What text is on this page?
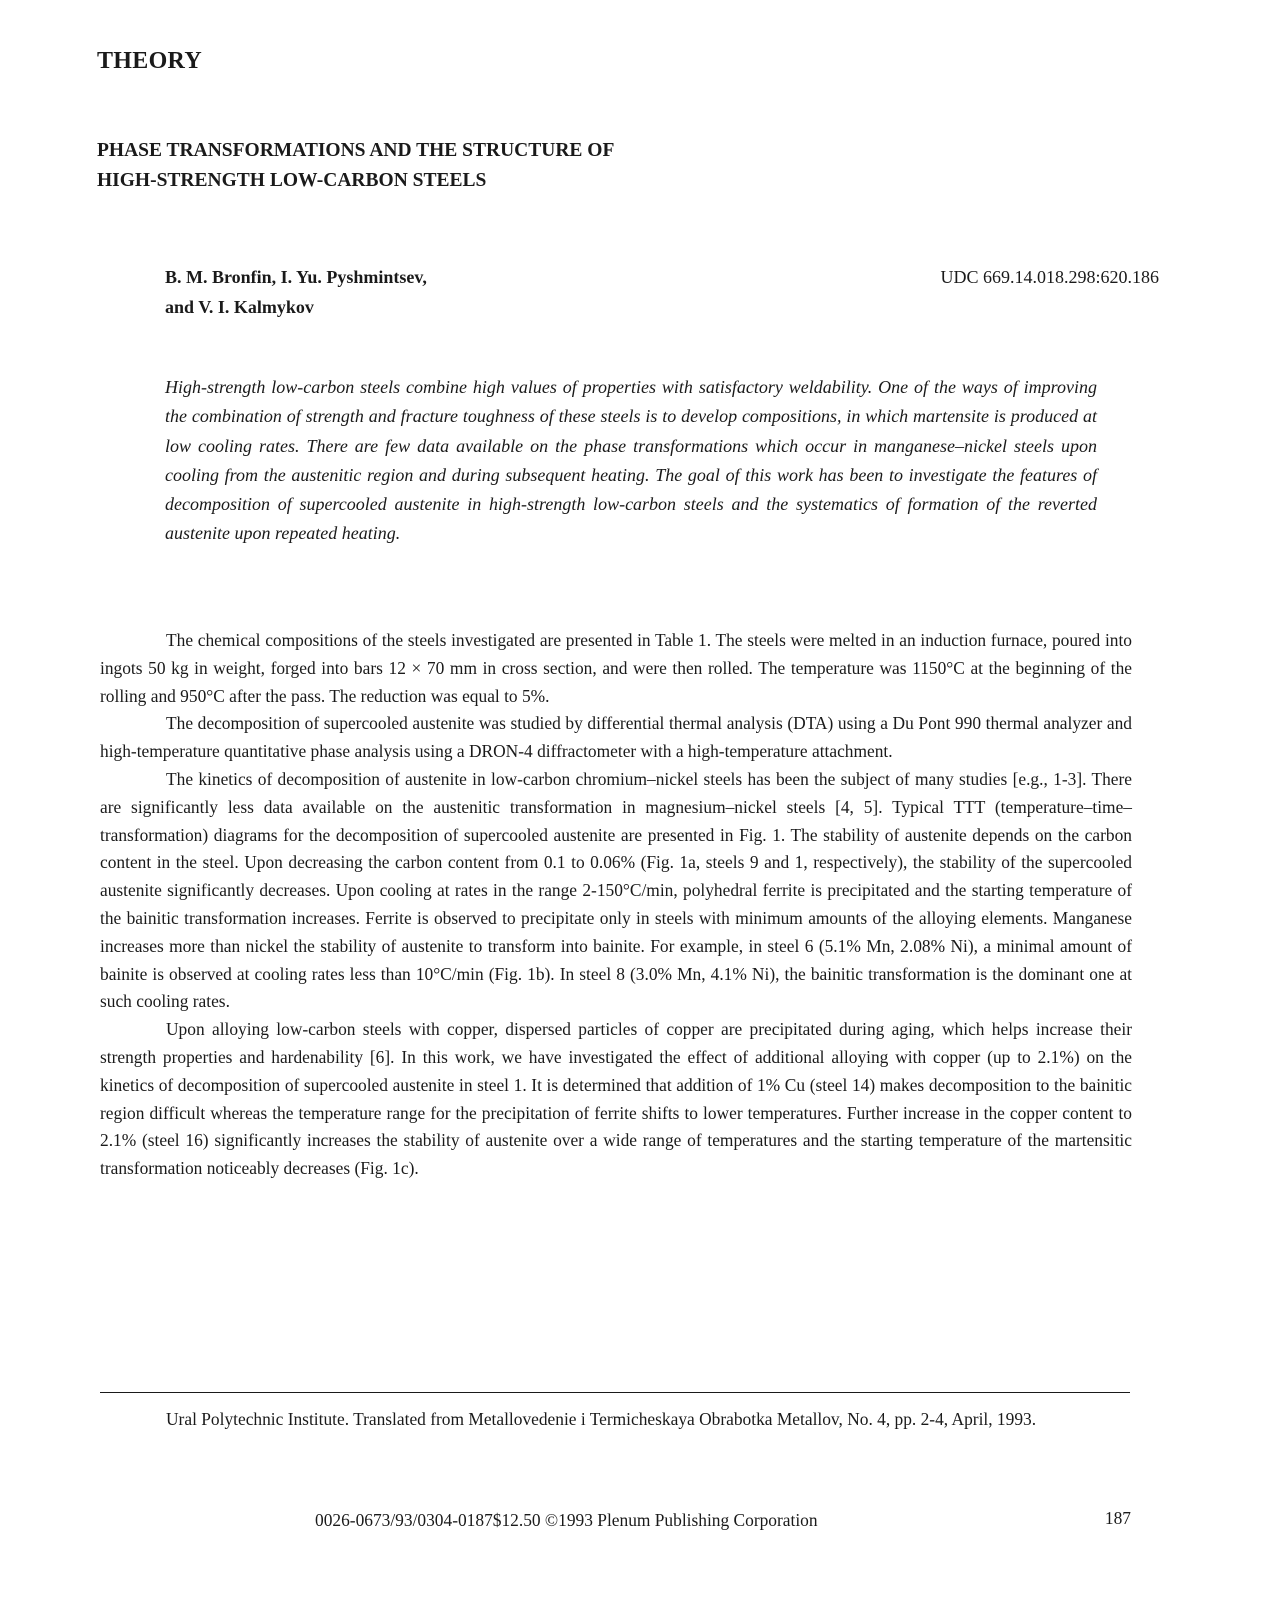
THEORY
PHASE TRANSFORMATIONS AND THE STRUCTURE OF
HIGH-STRENGTH LOW-CARBON STEELS
B. M. Bronfin, I. Yu. Pyshmintsev,
and V. I. Kalmykov
UDC 669.14.018.298:620.186

High-strength low-carbon steels combine high values of properties with satisfactory weldability. One of the ways of improving the combination of strength and fracture toughness of these steels is to develop compositions, in which martensite is produced at low cooling rates. There are few data available on the phase transformations which occur in manganese–nickel steels upon cooling from the austenitic region and during subsequent heating. The goal of this work has been to investigate the features of decomposition of supercooled austenite in high-strength low-carbon steels and the systematics of formation of the reverted austenite upon repeated heating.

The chemical compositions of the steels investigated are presented in Table 1. The steels were melted in an induction furnace, poured into ingots 50 kg in weight, forged into bars 12 × 70 mm in cross section, and were then rolled. The temperature was 1150°C at the beginning of the rolling and 950°C after the pass. The reduction was equal to 5%.

The decomposition of supercooled austenite was studied by differential thermal analysis (DTA) using a Du Pont 990 thermal analyzer and high-temperature quantitative phase analysis using a DRON-4 diffractometer with a high-temperature attachment.

The kinetics of decomposition of austenite in low-carbon chromium–nickel steels has been the subject of many studies [e.g., 1-3]. There are significantly less data available on the austenitic transformation in magnesium–nickel steels [4, 5]. Typical TTT (temperature–time–transformation) diagrams for the decomposition of supercooled austenite are presented in Fig. 1. The stability of austenite depends on the carbon content in the steel. Upon decreasing the carbon content from 0.1 to 0.06% (Fig. 1a, steels 9 and 1, respectively), the stability of the supercooled austenite significantly decreases. Upon cooling at rates in the range 2-150°C/min, polyhedral ferrite is precipitated and the starting temperature of the bainitic transformation increases. Ferrite is observed to precipitate only in steels with minimum amounts of the alloying elements. Manganese increases more than nickel the stability of austenite to transform into bainite. For example, in steel 6 (5.1% Mn, 2.08% Ni), a minimal amount of bainite is observed at cooling rates less than 10°C/min (Fig. 1b). In steel 8 (3.0% Mn, 4.1% Ni), the bainitic transformation is the dominant one at such cooling rates.

Upon alloying low-carbon steels with copper, dispersed particles of copper are precipitated during aging, which helps increase their strength properties and hardenability [6]. In this work, we have investigated the effect of additional alloying with copper (up to 2.1%) on the kinetics of decomposition of supercooled austenite in steel 1. It is determined that addition of 1% Cu (steel 14) makes decomposition to the bainitic region difficult whereas the temperature range for the precipitation of ferrite shifts to lower temperatures. Further increase in the copper content to 2.1% (steel 16) significantly increases the stability of austenite over a wide range of temperatures and the starting temperature of the martensitic transformation noticeably decreases (Fig. 1c).

Ural Polytechnic Institute. Translated from Metallovedenie i Termicheskaya Obrabotka Metallov, No. 4, pp. 2-4, April, 1993.

0026-0673/93/0304-0187$12.50 ©1993 Plenum Publishing Corporation	187
